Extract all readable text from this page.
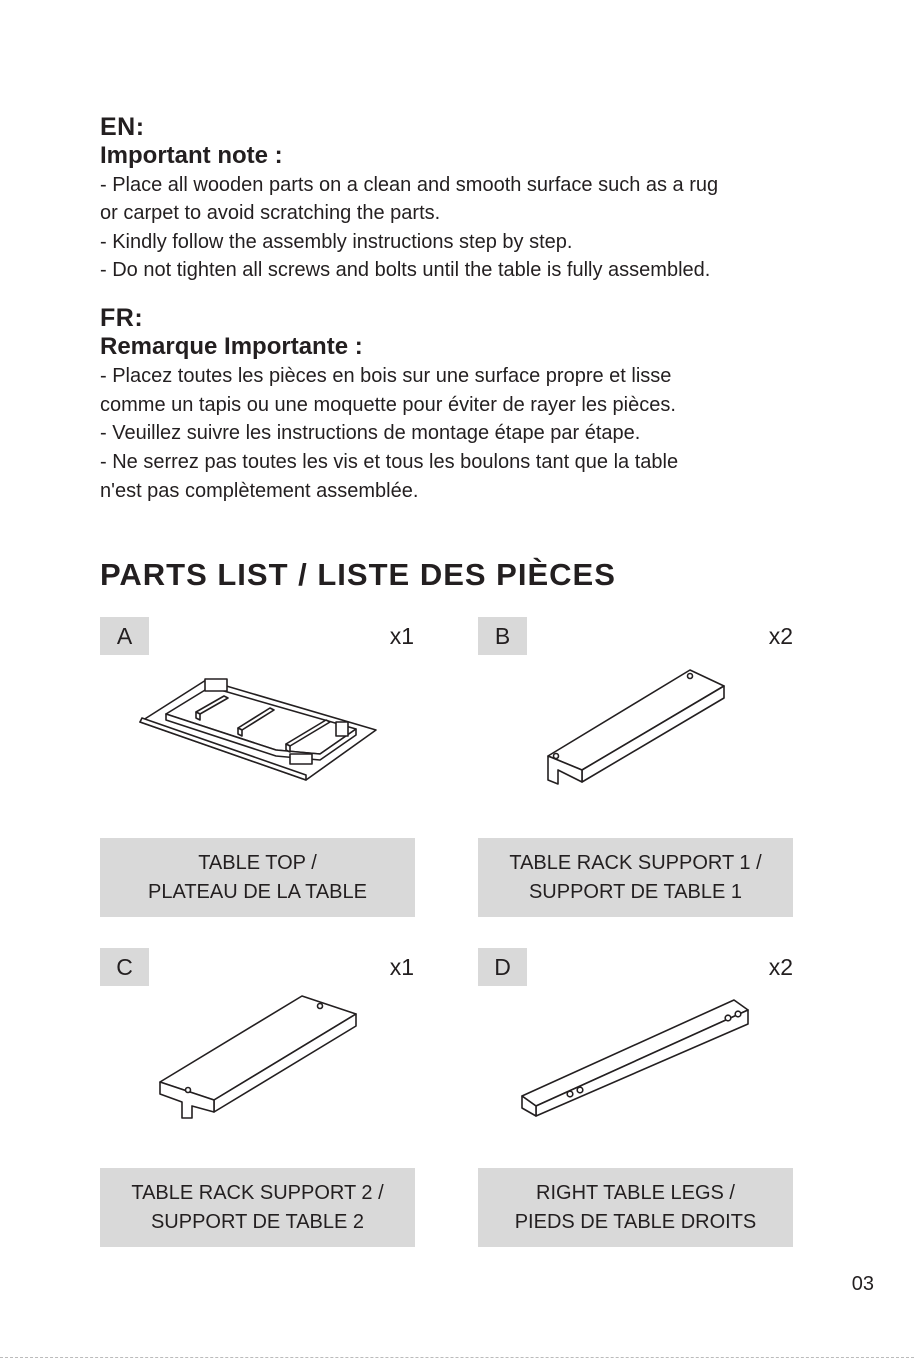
EN:
Important note :
- Place all wooden parts on a clean and smooth surface such as a rug
or carpet to avoid scratching the parts.
- Kindly follow the assembly instructions step by step.
- Do not tighten all screws and bolts until the table is fully assembled.
FR:
Remarque Importante :
- Placez toutes les pièces en bois sur une surface propre et lisse
comme un tapis ou une moquette pour éviter de rayer les pièces.
- Veuillez suivre les instructions de montage étape par étape.
- Ne serrez pas toutes les vis et tous les boulons tant que la table
n'est pas complètement assemblée.
PARTS LIST / LISTE DES PIÈCES
A	x1
TABLE TOP /
PLATEAU DE LA TABLE
B	x2
TABLE RACK SUPPORT 1 /
SUPPORT DE TABLE 1
C	x1
TABLE RACK SUPPORT 2 /
SUPPORT DE TABLE 2
D	x2
RIGHT TABLE LEGS /
PIEDS DE TABLE DROITS
03
